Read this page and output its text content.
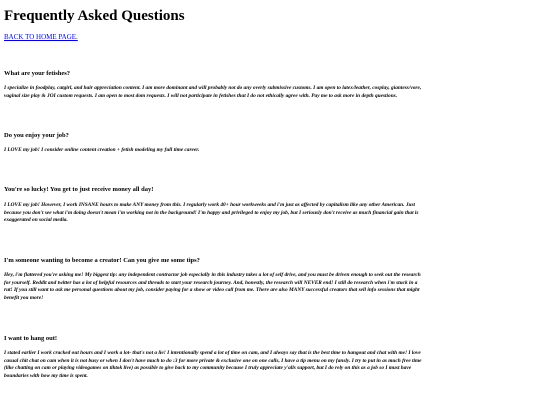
Frequently Asked Questions
BACK TO HOME PAGE.

What are your fetishes?

I specialize in foodplay, catgirl, and hair appreciation content. I am more dominant and will probably not do any overly submissive customs. I am open to latex/leather, cosplay, giantess/vore,
vaginal size play & JOI custom requests. I am open to most dom requests. I will not participate in fetishes that I do not ethically agree with. Pay me to ask more in depth questions.

Do you enjoy your job?

I LOVE my job! I consider online content creation + fetish modeling my full time career.

You're so lucky! You get to just receive money all day!

I LOVE my job! However, I work INSANE hours to make ANY money from this. I regularly work 40+ hour workweeks and i'm just as affected by capitalism like any other American. Just
because you don't see what i'm doing doesn't mean i'm working not in the background! I'm happy and privileged to enjoy my job, but I seriously don't receive as much financial gain that is
exaggerated on social media.

I'm someone wanting to become a creator! Can you give me some tips?

Hey, i'm flattered you're asking me! My biggest tip: any independent contractor job especially in this industry takes a lot of self drive, and you must be driven enough to seek out the research
for yourself. Reddit and twitter has a lot of helpful resources and threads to start your research journey. And, honestly, the research will NEVER end! I still do research when i'm stuck in a
rut! If you still want to ask me personal questions about my job, consider paying for a show or video call from me. There are also MANY successful creators that sell info sessions that might
benefit you more!

I want to hang out!

I stated earlier I work cracked out hours and I work a lot- that's not a lie! I intentionally spend a lot of time on cam, and I always say that is the best time to hangout and chat with me! I love
casual chit chat on cam when it is not busy or when I don't have much to do :3 for more private & exclusive one on one calls, I have a tip menu on my fansly. I try to put in as much free time
(like chatting on cam or playing videogames on tiktok live) as possible to give back to my community because I truly appreciate y'alls support, but I do rely on this as a job so I must have
boundaries with how my time is spent.
